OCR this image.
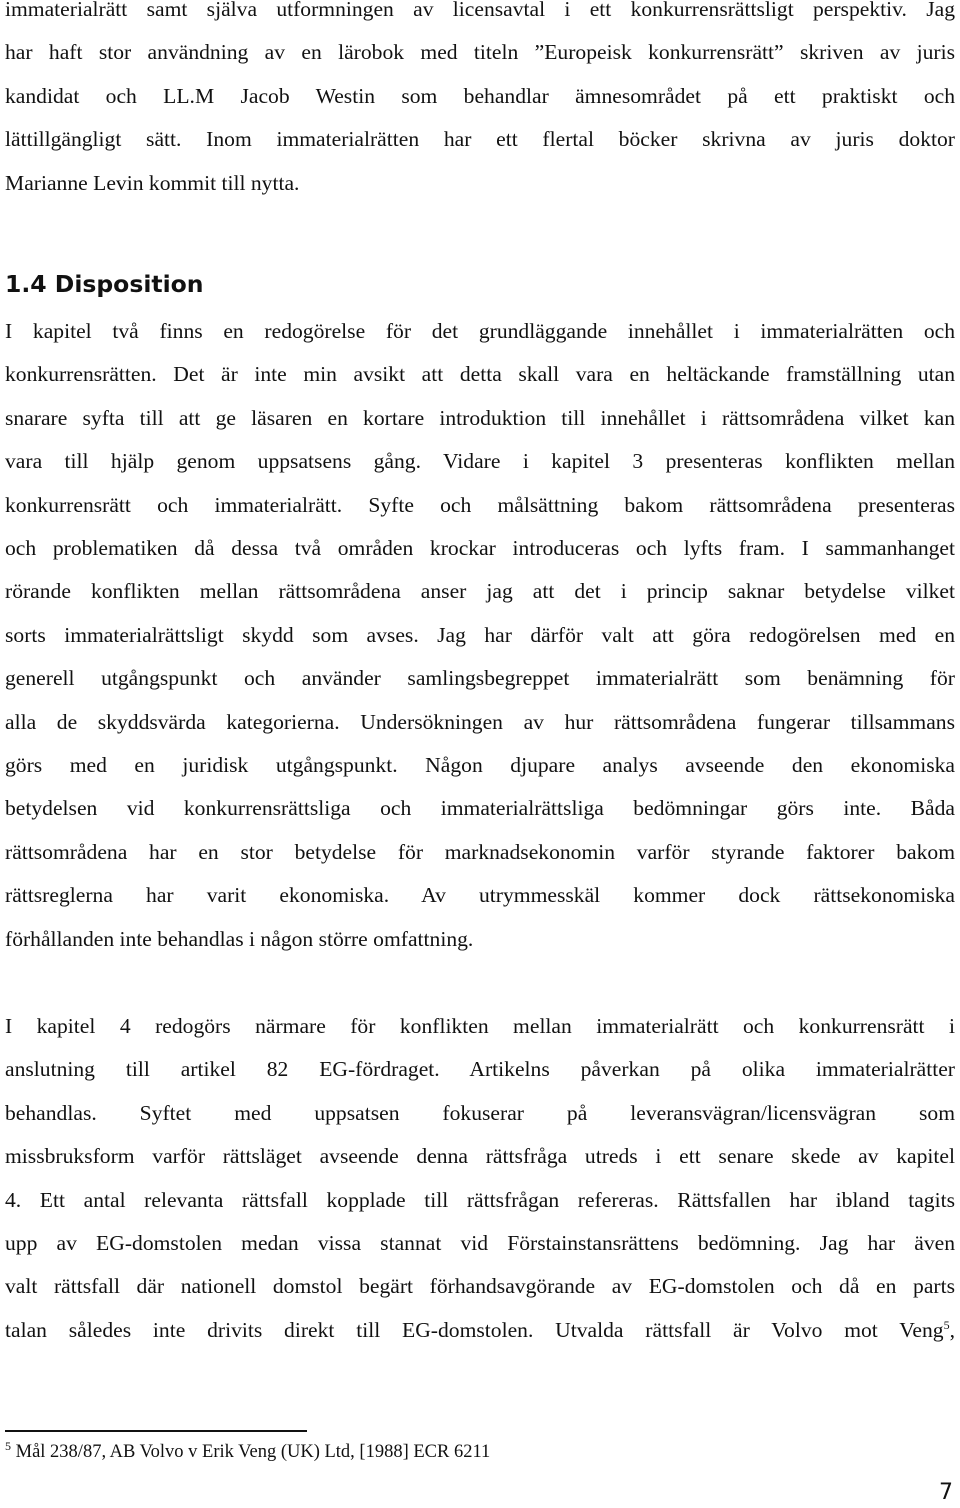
immaterialrätt samt själva utformningen av licensavtal i ett konkurrensrättsligt perspektiv. Jag
har haft stor användning av en lärobok med titeln ”Europeisk konkurrensrätt” skriven av juris
kandidat och LL.M Jacob Westin som behandlar ämnesområdet på ett praktiskt och
lättillgängligt sätt. Inom immaterialrätten har ett flertal böcker skrivna av juris doktor
Marianne Levin kommit till nytta.
1.4 Disposition
I kapitel två finns en redogörelse för det grundläggande innehållet i immaterialrätten och
konkurrensrätten. Det är inte min avsikt att detta skall vara en heltäckande framställning utan
snarare syfta till att ge läsaren en kortare introduktion till innehållet i rättsområdena vilket kan
vara till hjälp genom uppsatsens gång. Vidare i kapitel 3 presenteras konflikten mellan
konkurrensrätt och immaterialrätt. Syfte och målsättning bakom rättsområdena presenteras
och problematiken då dessa två områden krockar introduceras och lyfts fram. I sammanhanget
rörande konflikten mellan rättsområdena anser jag att det i princip saknar betydelse vilket
sorts immaterialrättsligt skydd som avses. Jag har därför valt att göra redogörelsen med en
generell utgångspunkt och använder samlingsbegreppet immaterialrätt som benämning för
alla de skyddsvärda kategorierna. Undersökningen av hur rättsområdena fungerar tillsammans
görs med en juridisk utgångspunkt. Någon djupare analys avseende den ekonomiska
betydelsen vid konkurrensrättsliga och immaterialrättsliga bedömningar görs inte. Båda
rättsområdena har en stor betydelse för marknadsekonomin varför styrande faktorer bakom
rättsreglerna har varit ekonomiska. Av utrymmesskäl kommer dock rättsekonomiska
förhållanden inte behandlas i någon större omfattning.
I kapitel 4 redogörs närmare för konflikten mellan immaterialrätt och konkurrensrätt i
anslutning till artikel 82 EG-fördraget. Artikelns påverkan på olika immaterialrätter
behandlas. Syftet med uppsatsen fokuserar på leveransvägran/licensvägran som
missbruksform varför rättsläget avseende denna rättsfråga utreds i ett senare skede av kapitel
4. Ett antal relevanta rättsfall kopplade till rättsfrågan refereras. Rättsfallen har ibland tagits
upp av EG-domstolen medan vissa stannat vid Förstainstansrättens bedömning. Jag har även
valt rättsfall där nationell domstol begärt förhandsavgörande av EG-domstolen och då en parts
talan således inte drivits direkt till EG-domstolen. Utvalda rättsfall är Volvo mot Veng$^5$,
$^5$ Mål 238/87, AB Volvo v Erik Veng (UK) Ltd, [1988] ECR 6211
7
